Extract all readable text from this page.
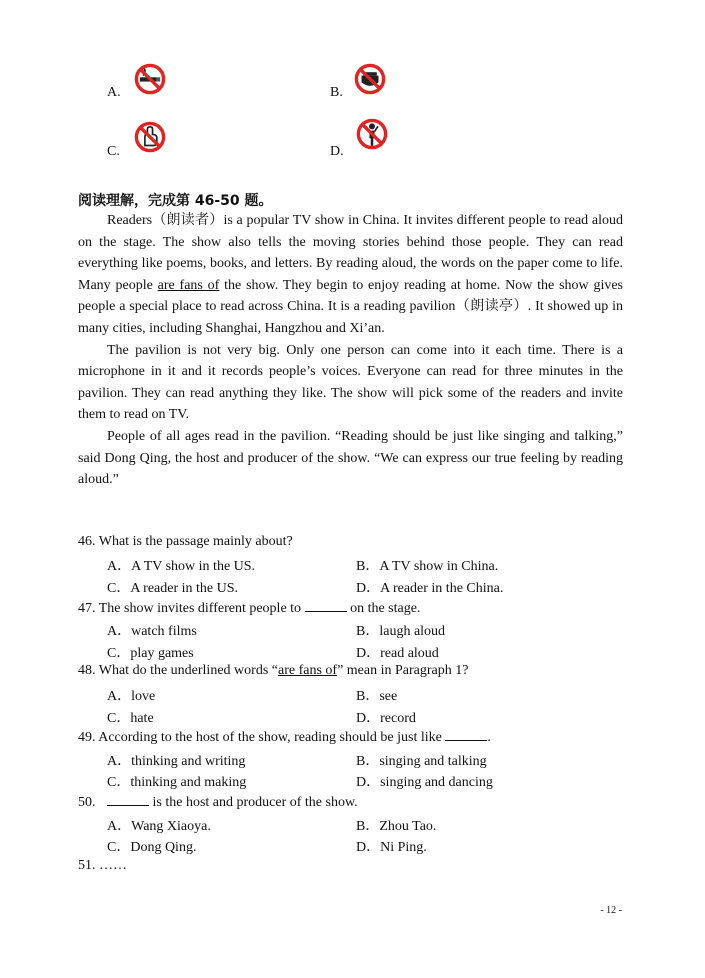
A.	B.
C.	D.
阅读理解，完成第 46-50 题。

Readers（朗读者）is a popular TV show in China. It invites different people to read aloud on the stage. The show also tells the moving stories behind those people. They can read everything like poems, books, and letters. By reading aloud, the words on the paper come to life. Many people are fans of the show. They begin to enjoy reading at home. Now the show gives people a special place to read across China. It is a reading pavilion（朗读亭）. It showed up in many cities, including Shanghai, Hangzhou and Xi’an.

The pavilion is not very big. Only one person can come into it each time. There is a microphone in it and it records people’s voices. Everyone can read for three minutes in the pavilion. They can read anything they like. The show will pick some of the readers and invite them to read on TV.

People of all ages read in the pavilion. “Reading should be just like singing and talking,” said Dong Qing, the host and producer of the show. “We can express our true feeling by reading aloud.”

46. What is the passage mainly about?
A．A TV show in the US.	B．A TV show in China.
C．A reader in the US.	D．A reader in the China.
47. The show invites different people to	on the stage.
A．watch films	B．laugh aloud
C．play games	D．read aloud
48. What do the underlined words “are fans of” mean in Paragraph 1?
A．love	B．see
C．hate	D．record
49. According to the host of the show, reading should be just like	.
A．thinking and writing	B．singing and talking
C．thinking and making	D．singing and dancing
50.	is the host and producer of the show.
A．Wang Xiaoya.	B．Zhou Tao.
C．Dong Qing.	D．Ni Ping.
51. ……
- 12 -
